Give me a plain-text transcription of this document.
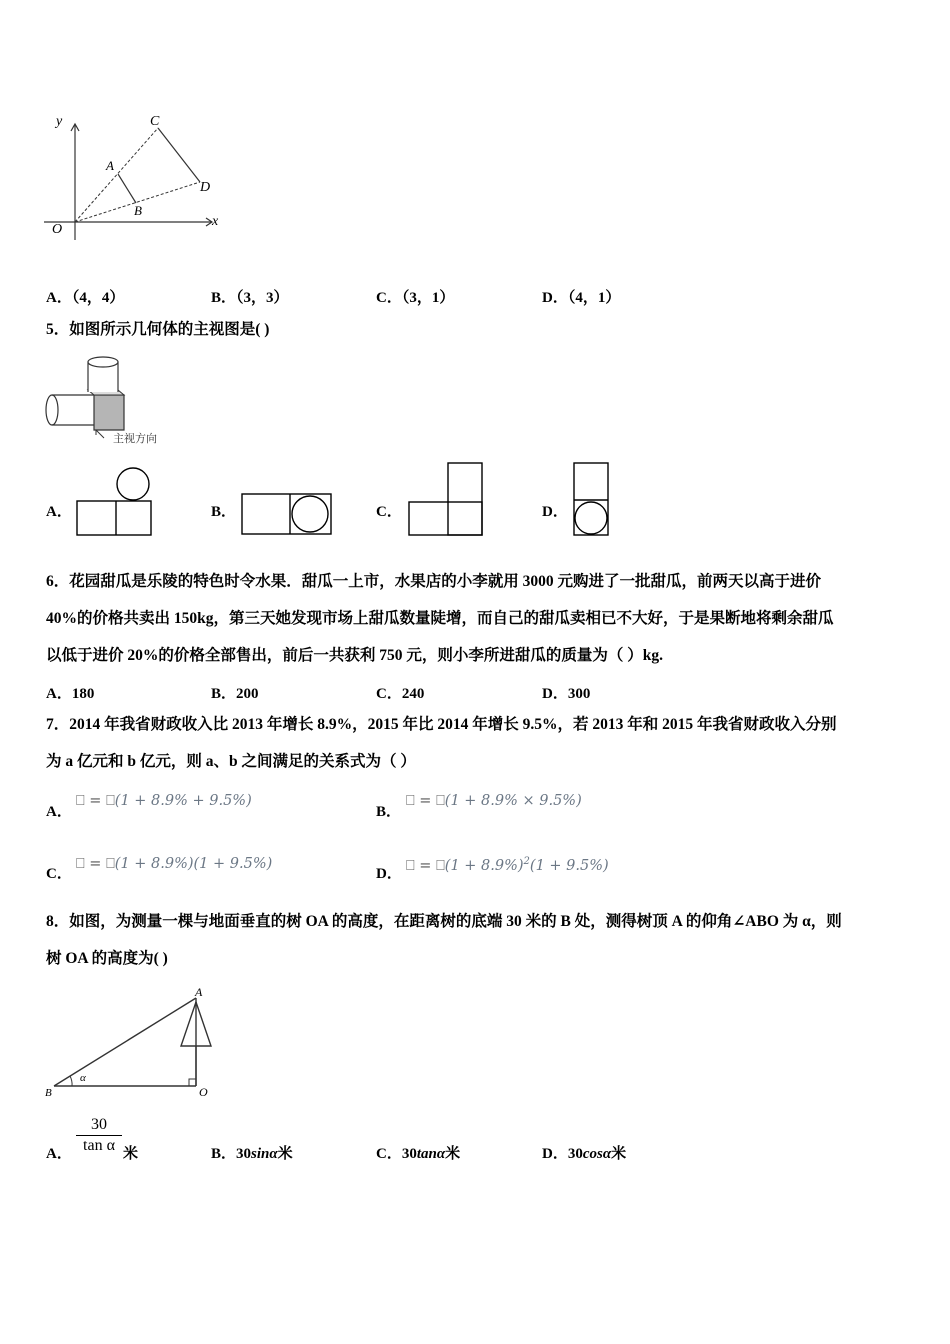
y
x
O
A
B
C
D
A．（4，4）	B．（3，3）	C．（3，1）	D．（4，1）
5．如图所示几何体的主视图是( )
主视方向
A．	B．	C．	D．
6．花园甜瓜是乐陵的特色时令水果．甜瓜一上市，水果店的小李就用 3000 元购进了一批甜瓜，前两天以高于进价
40%的价格共卖出 150kg，第三天她发现市场上甜瓜数量陡增，而自己的甜瓜卖相已不大好，于是果断地将剩余甜瓜
以低于进价 20%的价格全部售出，前后一共获利 750 元，则小李所进甜瓜的质量为（ ）kg.
A．180	B．200	C．240	D．300
7．2014 年我省财政收入比 2013 年增长 8.9%，2015 年比 2014 年增长 9.5%，若 2013 年和 2015 年我省财政收入分别
为 a 亿元和 b 亿元，则 a、b 之间满足的关系式为（ ）
A．
⎕ = ⎕(1 + 8.9% + 9.5%)
B．
⎕ = ⎕(1 + 8.9% × 9.5%)
C．
⎕ = ⎕(1 + 8.9%)(1 + 9.5%)
D．
⎕ = ⎕(1 + 8.9%)$^2$(1 + 9.5%)
8．如图，为测量一棵与地面垂直的树 OA 的高度，在距离树的底端 30 米的 B 处，测得树顶 A 的仰角∠ABO 为 α，则
树 OA 的高度为( )
A
B	O
α
A． $\frac{30}{\text{tan α}}$ 米	B．30sinα米	C．30tanα米	D．30cosα米
